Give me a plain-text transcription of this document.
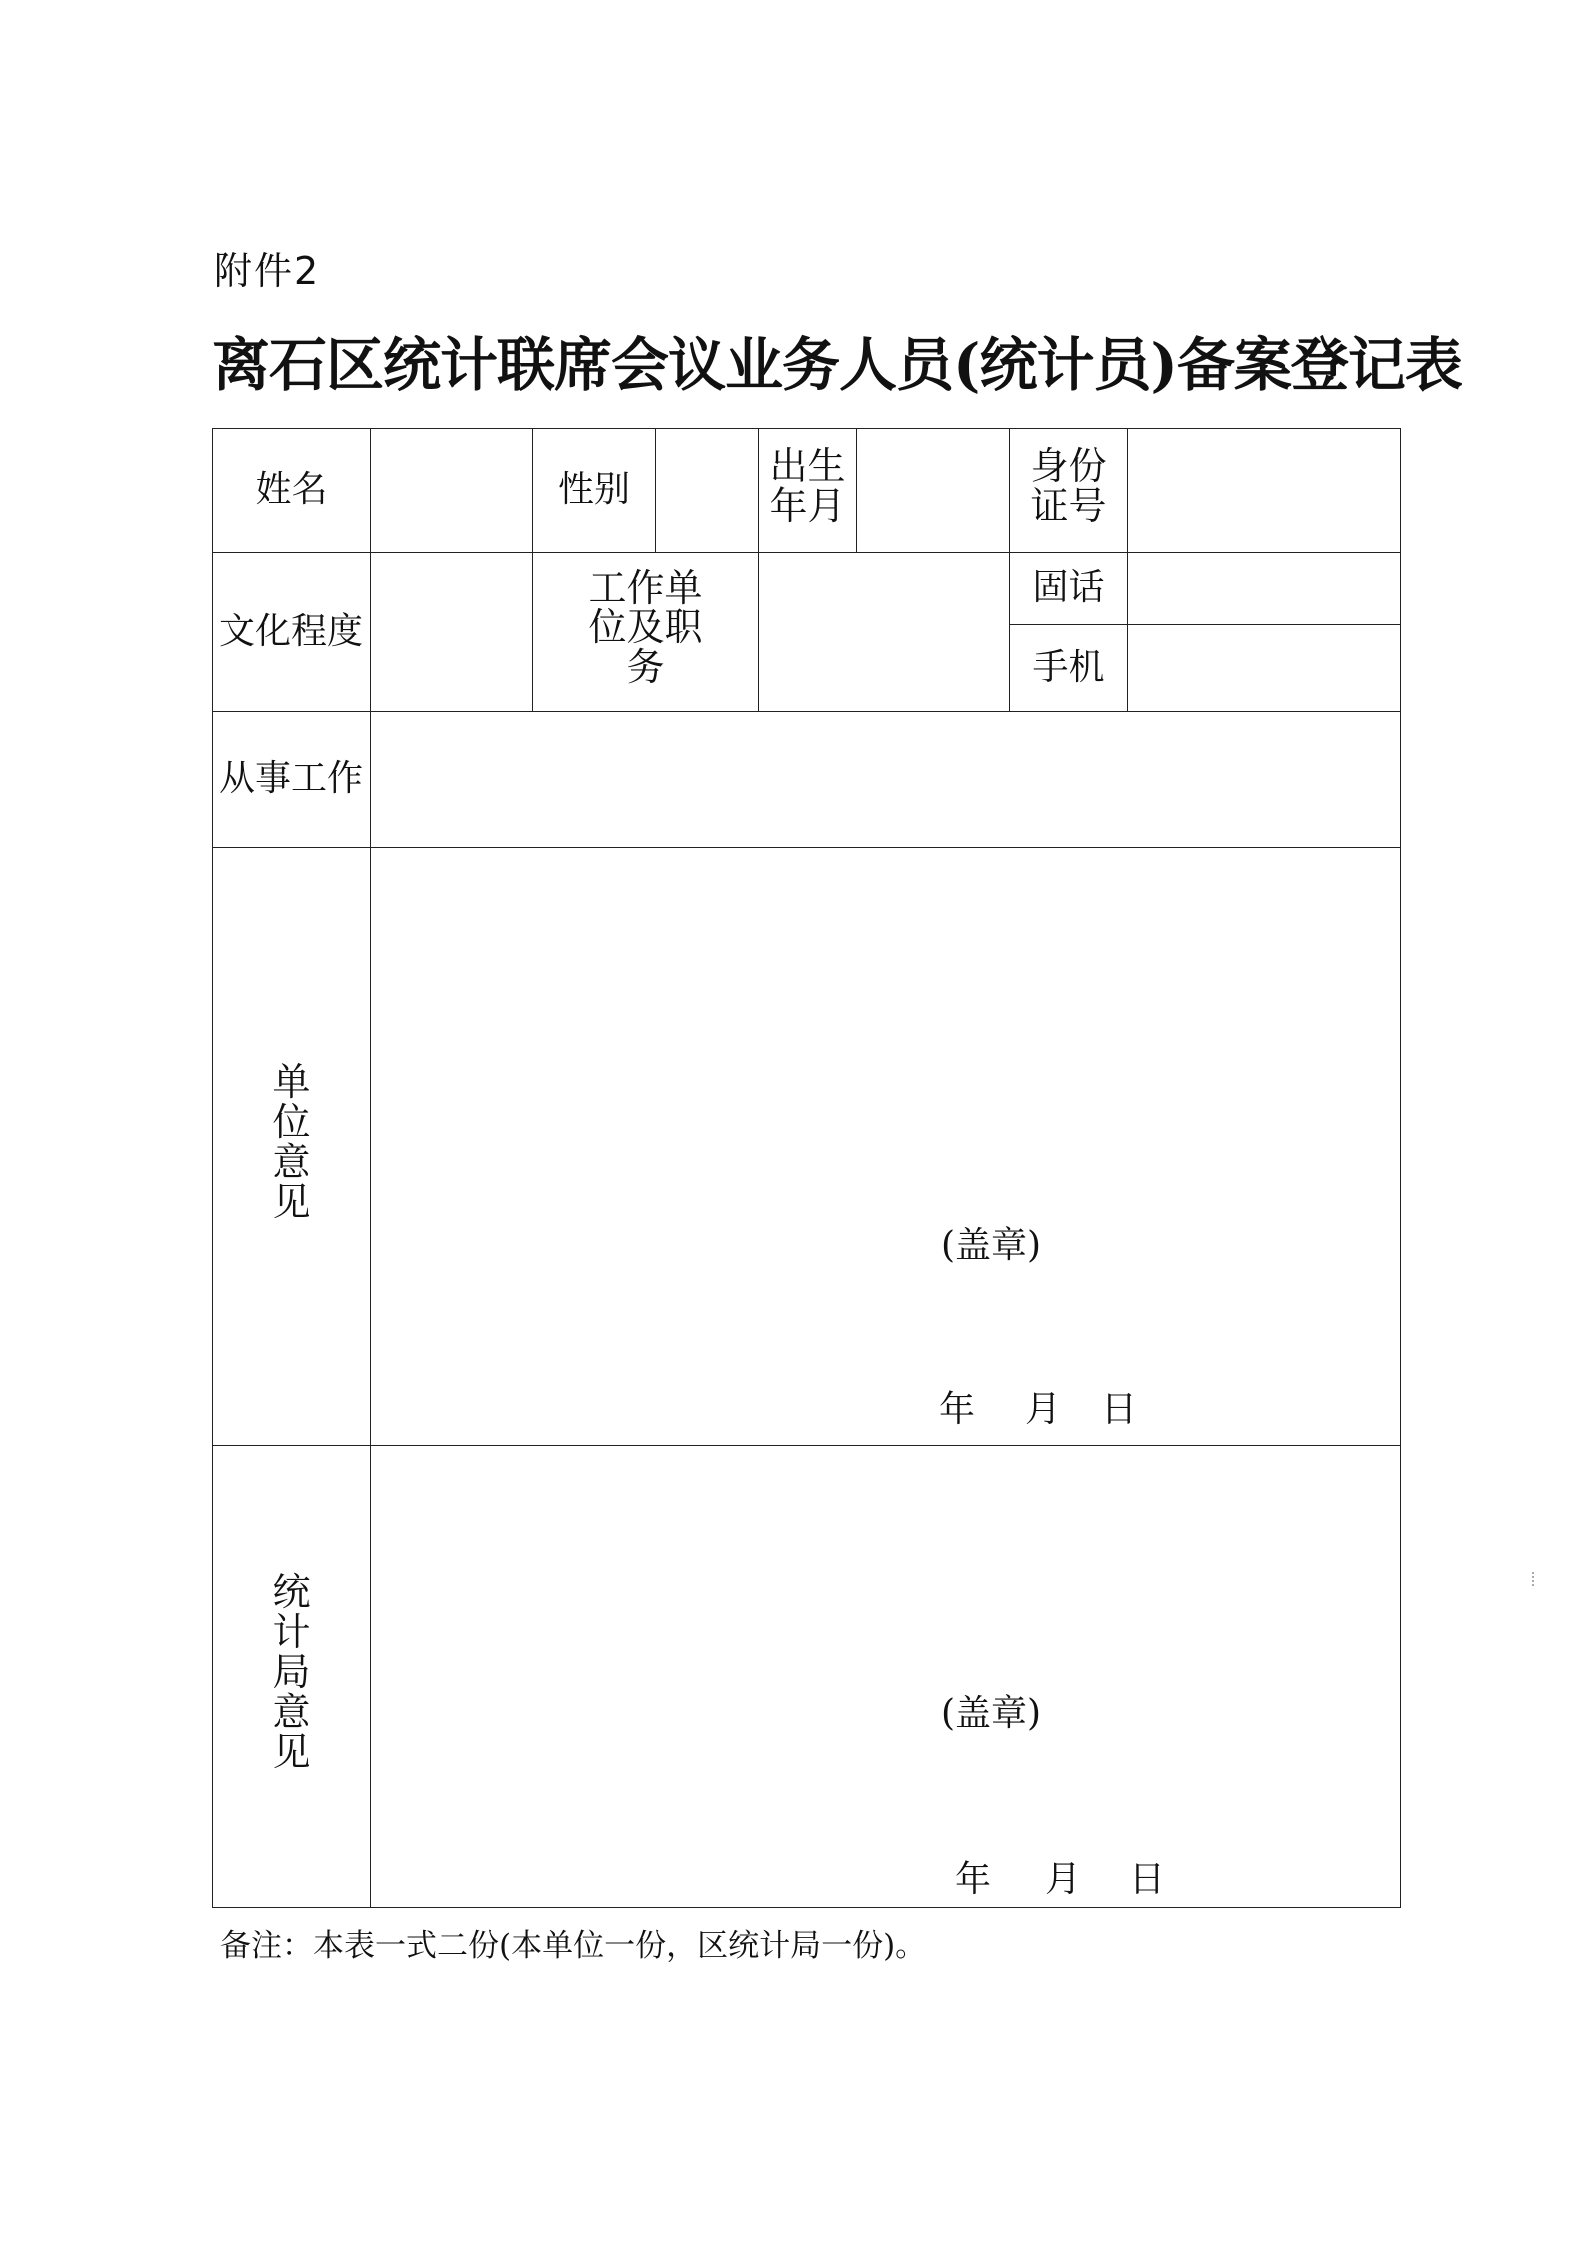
附件2
离石区统计联席会议业务人员(统计员)备案登记表
姓名		性别		出生年月		身份证号	
文化程度		工作单位及职务				固话	
						手机	
从事工作							
单位意见	(盖章)
年 月 日						

统计局意见	(盖章)
年 月 日						
备注：本表一式二份(本单位一份，区统计局一份)。
